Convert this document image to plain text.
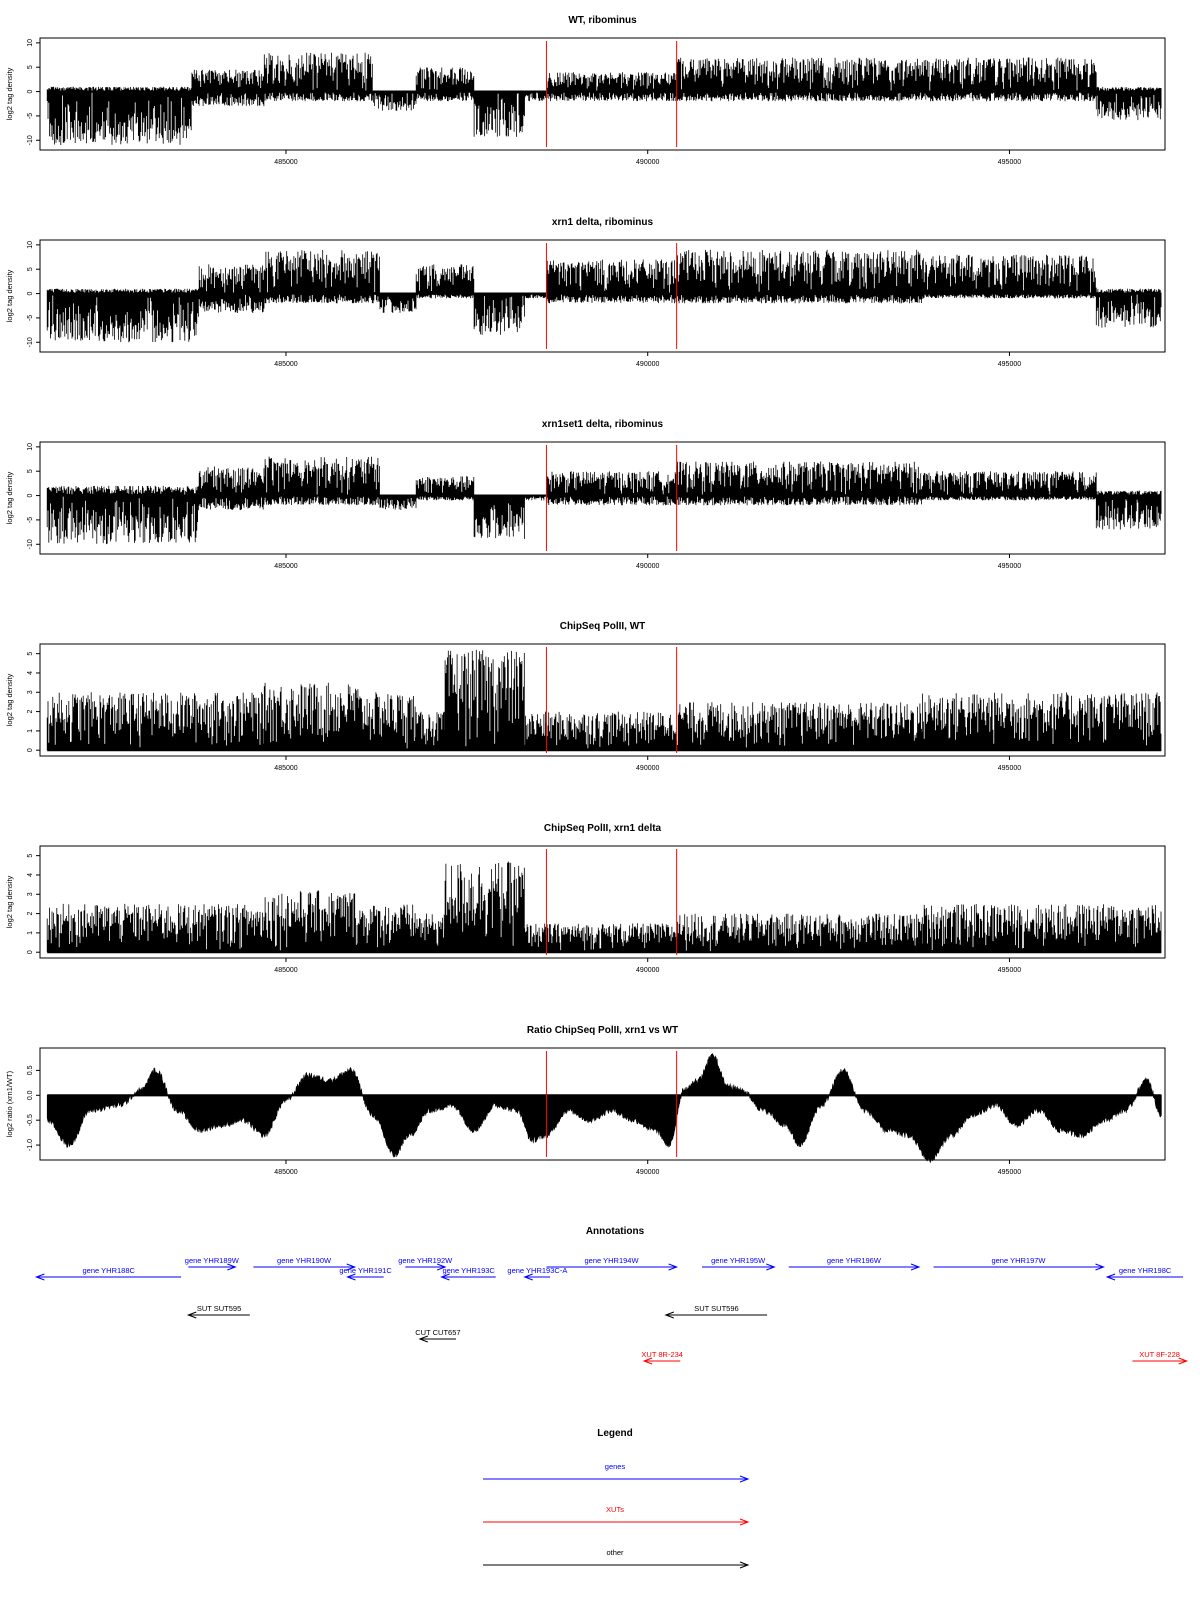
WT, ribominus
10
5
0
-5
-10
log2 tag density
485000	490000	495000
xrn1 delta, ribominus
10
5
0
-5
-10
log2 tag density
485000	490000	495000
xrn1set1 delta, ribominus
10
5
0
-5
-10
log2 tag density
485000	490000	495000
ChipSeq PolII, WT
0
1
2
3
4
5
log2 tag density
485000	490000	495000
ChipSeq PolII, xrn1 delta
0
1
2
3
4
5
log2 tag density
485000	490000	495000
Ratio ChipSeq PolII, xrn1 vs WT
0.5
0.0
-0.5
-1.0
log2 ratio (xrn1/WT)
485000	490000	495000
Annotations
gene YHR188C
gene YHR189W	gene YHR190W
gene YHR191C
gene YHR192W
gene YHR193C gene YHR193C-A
gene YHR194W	gene YHR195W	gene YHR196W	gene YHR197W
gene YHR198C
SUT SUT595	SUT SUT596
CUT CUT657
XUT 8R-234	XUT 8F-228
Legend
genes
XUTs
other
